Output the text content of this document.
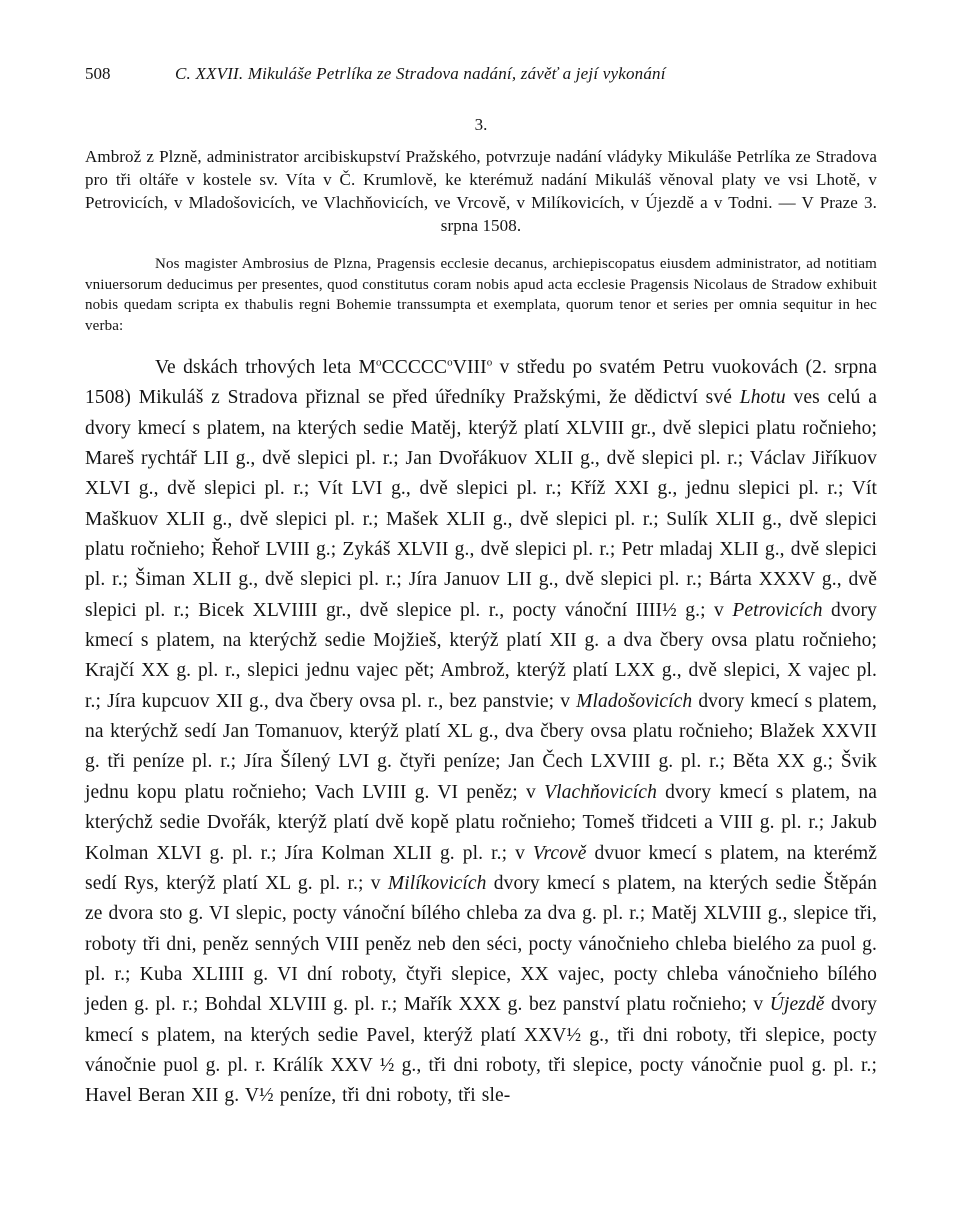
508	C. XXVII. Mikuláše Petrlíka ze Stradova nadání, závěť a její vykonání
3.

Ambrož z Plzně, administrator arcibiskupství Pražského, potvrzuje nadání vládyky Mikuláše Petrlíka ze Stradova pro tři oltáře v kostele sv. Víta v Č. Krumlově, ke kterémuž nadání Mikuláš věnoval platy ve vsi Lhotě, v Petrovicích, v Mladošovicích, ve Vlachňovicích, ve Vrcově, v Milíkovicích, v Újezdě a v Todni. — V Praze 3. srpna 1508.

Nos magister Ambrosius de Plzna, Pragensis ecclesie decanus, archiepiscopatus eiusdem administrator, ad notitiam vniuersorum deducimus per presentes, quod constitutus coram nobis apud acta ecclesie Pragensis Nicolaus de Stradow exhibuit nobis quedam scripta ex thabulis regni Bohemie transsumpta et exemplata, quorum tenor et series per omnia sequitur in hec verba:

Ve dskách trhových leta $M^oCCCCC^oVIII^o$ v středu po svatém Petru vuokovách (2. srpna 1508) Mikuláš z Stradova přiznal se před úředníky Pražskými, že dědictví své Lhotu ves celú a dvory kmecí s platem, na kterých sedie Matěj, kterýž platí XLVIII gr., dvě slepici platu ročnieho; Mareš rychtář LII g., dvě slepici pl. r.; Jan Dvořákuov XLII g., dvě slepici pl. r.; Václav Jiříkuov XLVI g., dvě slepici pl. r.; Vít LVI g., dvě slepici pl. r.; Kříž XXI g., jednu slepici pl. r.; Vít Maškuov XLII g., dvě slepici pl. r.; Mašek XLII g., dvě slepici pl. r.; Sulík XLII g., dvě slepici platu ročnieho; Řehoř LVIII g.; Zykáš XLVII g., dvě slepici pl. r.; Petr mladaj XLII g., dvě slepici pl. r.; Šiman XLII g., dvě slepici pl. r.; Jíra Januov LII g., dvě slepici pl. r.; Bárta XXXV g., dvě slepici pl. r.; Bicek XLVIIII gr., dvě slepice pl. r., pocty vánoční IIII½ g.; v Petrovicích dvory kmecí s platem, na kterýchž sedie Mojžieš, kterýž platí XII g. a dva čbery ovsa platu ročnieho; Krajčí XX g. pl. r., slepici jednu vajec pět; Ambrož, kterýž platí LXX g., dvě slepici, X vajec pl. r.; Jíra kupcuov XII g., dva čbery ovsa pl. r., bez panstvie; v Mladošovicích dvory kmecí s platem, na kterýchž sedí Jan Tomanuov, kterýž platí XL g., dva čbery ovsa platu ročnieho; Blažek XXVII g. tři peníze pl. r.; Jíra Šílený LVI g. čtyři peníze; Jan Čech LXVIII g. pl. r.; Běta XX g.; Švik jednu kopu platu ročnieho; Vach LVIII g. VI peněz; v Vlachňovicích dvory kmecí s platem, na kterýchž sedie Dvořák, kterýž platí dvě kopě platu ročnieho; Tomeš třidceti a VIII g. pl. r.; Jakub Kolman XLVI g. pl. r.; Jíra Kolman XLII g. pl. r.; v Vrcově dvuor kmecí s platem, na kterémž sedí Rys, kterýž platí XL g. pl. r.; v Milíkovicích dvory kmecí s platem, na kterých sedie Štěpán ze dvora sto g. VI slepic, pocty vánoční bílého chleba za dva g. pl. r.; Matěj XLVIII g., slepice tři, roboty tři dni, peněz senných VIII peněz neb den séci, pocty vánočnieho chleba bielého za puol g. pl. r.; Kuba XLIIII g. VI dní roboty, čtyři slepice, XX vajec, pocty chleba vánočnieho bílého jeden g. pl. r.; Bohdal XLVIII g. pl. r.; Mařík XXX g. bez panství platu ročnieho; v Újezdě dvory kmecí s platem, na kterých sedie Pavel, kterýž platí XXV½ g., tři dni roboty, tři slepice, pocty vánočnie puol g. pl. r. Králík XXV ½ g., tři dni roboty, tři slepice, pocty vánočnie puol g. pl. r.; Havel Beran XII g. V½ peníze, tři dni roboty, tři sle-
